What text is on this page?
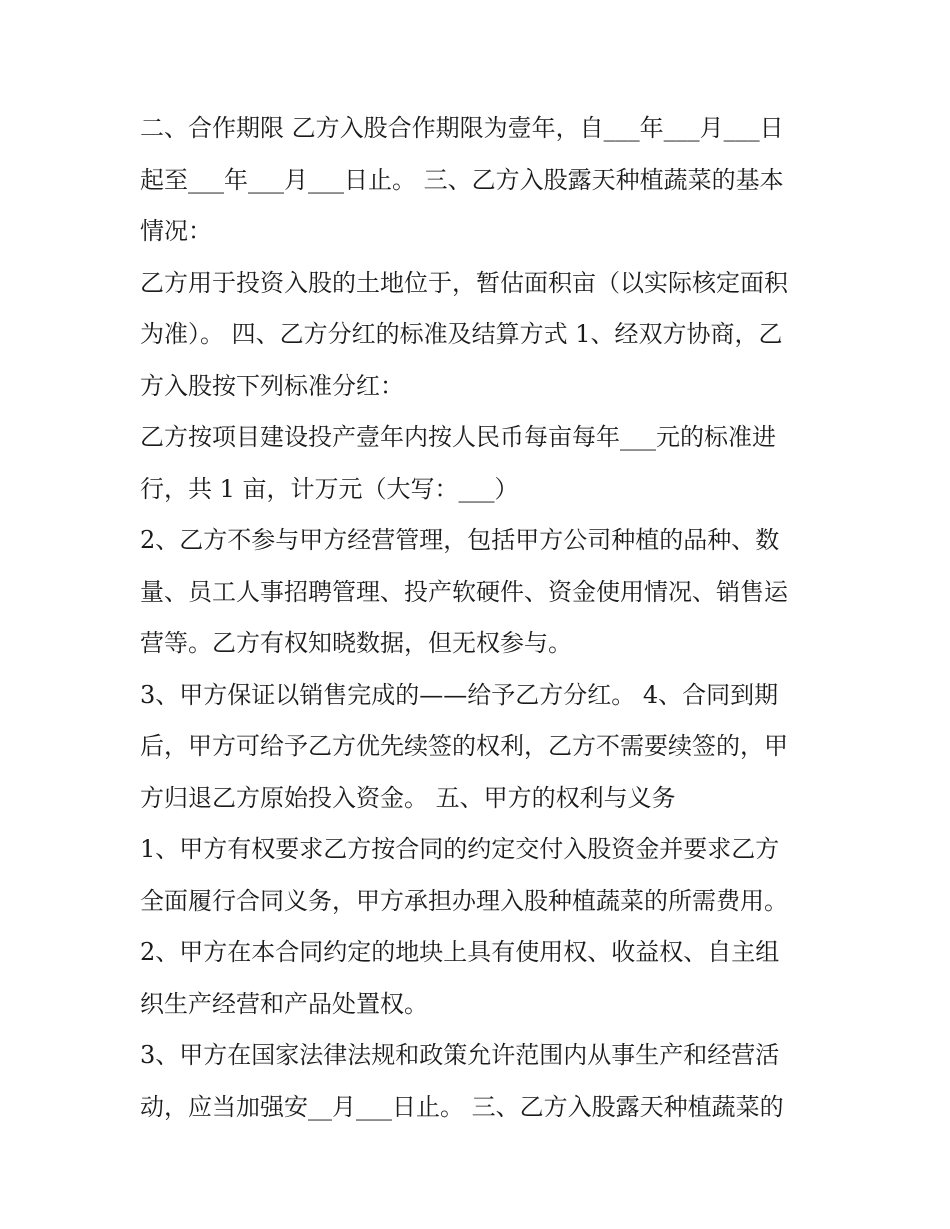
二、合作期限 乙方入股合作期限为壹年，自___年___月___日
起至___年___月___日止。 三、乙方入股露天种植蔬菜的基本
情况：
乙方用于投资入股的土地位于，暂估面积亩（以实际核定面积
为准）。 四、乙方分红的标准及结算方式 1、经双方协商，乙
方入股按下列标准分红：
乙方按项目建设投产壹年内按人民币每亩每年___元的标准进
行，共 1 亩，计万元（大写：___）
2、乙方不参与甲方经营管理，包括甲方公司种植的品种、数
量、员工人事招聘管理、投产软硬件、资金使用情况、销售运
营等。乙方有权知晓数据，但无权参与。
3、甲方保证以销售完成的——给予乙方分红。 4、合同到期
后，甲方可给予乙方优先续签的权利，乙方不需要续签的，甲
方归退乙方原始投入资金。 五、甲方的权利与义务
1、甲方有权要求乙方按合同的约定交付入股资金并要求乙方
全面履行合同义务，甲方承担办理入股种植蔬菜的所需费用。
2、甲方在本合同约定的地块上具有使用权、收益权、自主组
织生产经营和产品处置权。
3、甲方在国家法律法规和政策允许范围内从事生产和经营活
动，应当加强安__月___日止。 三、乙方入股露天种植蔬菜的
